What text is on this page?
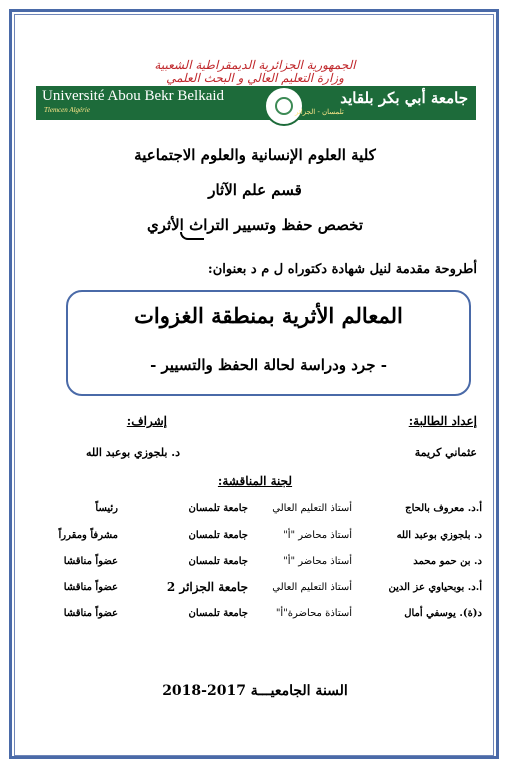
الجمهورية الجزائرية الديمقراطية الشعبية
وزارة التعليم العالي و البحث العلمي
Université Abou Bekr Belkaid
Tlemcen Algérie
جامعة أبي بكر بلقايد
تلمسان - الجزائر
كلية العلوم الإنسانية والعلوم الاجتماعية
قسم علم الآثار
تخصص حفظ وتسيير التراث الأثري
أطروحة مقدمة لنيل شهادة دكتوراه ل م د بعنوان:
المعالم الأثرية بمنطقة الغزوات
- جرد ودراسة لحالة الحفظ والتسيير -
إعداد الطالبة:
عثماني كريمة
إشراف:
د. بلجوزي بوعبد الله
لجنة المناقشة:
أ.د. معروف بالحاج
أستاذ التعليم العالي
جامعة تلمسان
رئيساً
د. بلجوزي بوعبد الله
أستاذ محاضر "أ"
جامعة تلمسان
مشرفاً ومقرراً
د. بن حمو محمد
أستاذ محاضر "أ"
جامعة تلمسان
عضواً مناقشا
أ.د. بوبحياوي عز الدين
أستاذ التعليم العالي
جامعة الجزائر 2
عضواً مناقشا
د(ة). يوسفي أمال
أستاذة محاضرة"أ"
جامعة تلمسان
عضواً مناقشا
السنة الجامعيـــة 2017-2018
